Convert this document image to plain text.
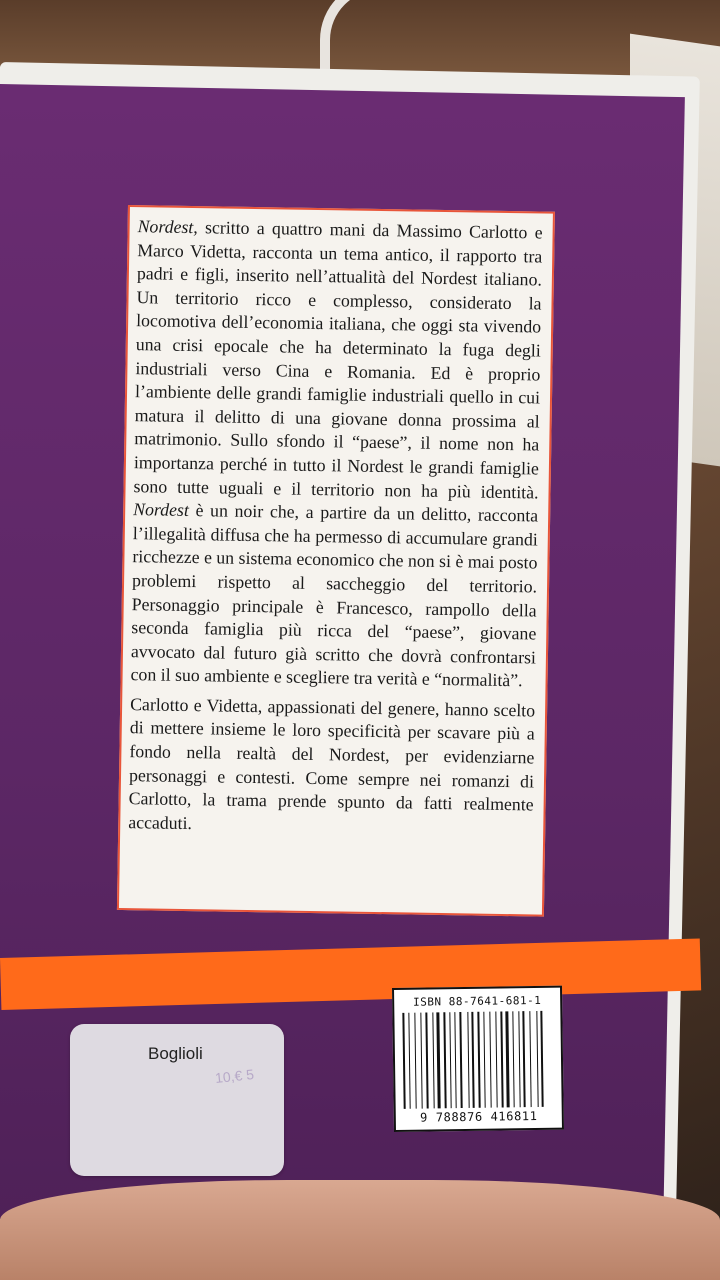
Nordest, scritto a quattro mani da Massimo Carlotto e Marco Videtta, racconta un tema antico, il rapporto tra padri e figli, inserito nell’attualità del Nordest italiano. Un territorio ricco e complesso, considerato la locomotiva dell’economia italiana, che oggi sta vivendo una crisi epocale che ha determinato la fuga degli industriali verso Cina e Romania. Ed è proprio l’ambiente delle grandi famiglie industriali quello in cui matura il delitto di una giovane donna prossima al matrimonio. Sullo sfondo il “paese”, il nome non ha importanza perché in tutto il Nordest le grandi famiglie sono tutte uguali e il territorio non ha più identità. Nordest è un noir che, a partire da un delitto, racconta l’illegalità diffusa che ha permesso di accumulare grandi ricchezze e un sistema economico che non si è mai posto problemi rispetto al saccheggio del territorio. Personaggio principale è Francesco, rampollo della seconda famiglia più ricca del “paese”, giovane avvocato dal futuro già scritto che dovrà confrontarsi con il suo ambiente e scegliere tra verità e “normalità”.

Carlotto e Videtta, appassionati del genere, hanno scelto di mettere insieme le loro specificità per scavare più a fondo nella realtà del Nordest, per evidenziarne personaggi e contesti. Come sempre nei romanzi di Carlotto, la trama prende spunto da fatti realmente accaduti.

ISBN 88-7641-681-1
9 788876 416811
Boglioli
10,€ 5
